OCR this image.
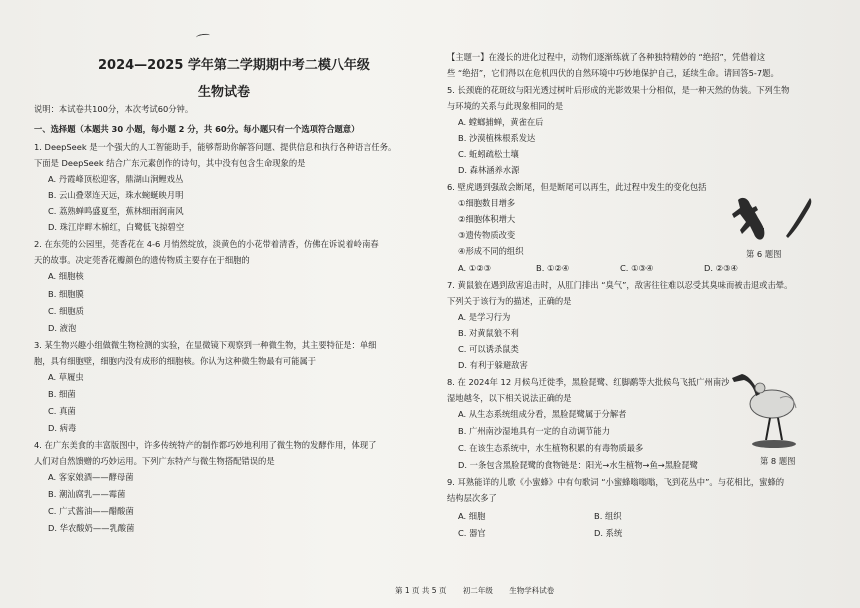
2024—2025 学年第二学期期中考二模八年级
生物试卷
说明：本试卷共100分，本次考试60分钟。
一、选择题（本题共 30 小题，每小题 2 分，共 60分。每小题只有一个选项符合题意）
1. DeepSeek 是一个强大的人工智能助手，能够帮助你解答问题、提供信息和执行各种语言任务。
下面是 DeepSeek 结合广东元素创作的诗句，其中没有包含生命现象的是
A. 丹霞峰顶松迎客，鼎湖山涧鲤戏丛
B. 云山叠翠连天远，珠水蜿蜒映月明
C. 荔熟蝉鸣盛夏至，蕉林细雨润南风
D. 珠江岸畔木棉红，白鹭低飞掠碧空
2. 在东莞的公园里，莞香花在 4-6 月悄然绽放，淡黄色的小花带着清香，仿佛在诉说着岭南春
天的故事。决定莞香花瓣颜色的遗传物质主要存在于细胞的
A. 细胞核
B. 细胞膜
C. 细胞质
D. 液泡
3. 某生物兴趣小组做微生物检测的实验，在显微镜下观察到一种微生物，其主要特征是：单细
胞，具有细胞壁，细胞内没有成形的细胞核。你认为这种微生物最有可能属于
A. 草履虫
B. 细菌
C. 真菌
D. 病毒
4. 在广东美食的丰富版图中，许多传统特产的制作都巧妙地利用了微生物的发酵作用，体现了
人们对自然馈赠的巧妙运用。下列广东特产与微生物搭配错误的是
A. 客家娘酒——酵母菌
B. 潮汕腐乳——霉菌
C. 广式酱油——醋酸菌
D. 华农酸奶——乳酸菌
【主题一】在漫长的进化过程中，动物们逐渐练就了各种独特精妙的 “绝招”，凭借着这
些 “绝招”，它们得以在危机四伏的自然环境中巧妙地保护自己，延续生命。请回答5-7题。
5. 长颈鹿的花斑纹与阳光透过树叶后形成的光影效果十分相似，是一种天然的伪装。下列生物
与环境的关系与此现象相同的是
A. 螳螂捕蝉，黄雀在后
B. 沙漠植株根系发达
C. 蚯蚓疏松土壤
D. 森林涵养水源
6. 壁虎遇到强敌会断尾，但是断尾可以再生，此过程中发生的变化包括
①细胞数目增多
②细胞体积增大
③遗传物质改变
④形成不同的组织
A. ①②③	B. ①②④	C. ①③④	D. ②③④
第 6 题图
7. 黄鼠狼在遇到敌害追击时，从肛门排出 “臭气”，敌害往往难以忍受其臭味而被击退或击晕。
下列关于该行为的描述，正确的是
A. 是学习行为
B. 对黄鼠狼不利
C. 可以诱杀鼠类
D. 有利于躲避敌害
8. 在 2024年 12 月候鸟迁徙季，黑脸琵鹭、红脚鹬等大批候鸟飞抵广州南沙
湿地越冬，以下相关说法正确的是
A. 从生态系统组成分看，黑脸琵鹭属于分解者
B. 广州南沙湿地具有一定的自动调节能力
C. 在该生态系统中，水生植物积累的有毒物质最多
D. 一条包含黑脸琵鹭的食物链是：阳光→水生植物→鱼→黑脸琵鹭	第 8 题图
9. 耳熟能详的儿歌《小蜜蜂》中有句歌词 “小蜜蜂嗡嗡嗡，飞到花丛中”。与花相比，蜜蜂的
结构层次多了
A. 细胞	B. 组织
C. 器官	D. 系统
第 1 页 共 5 页 初二年级 生物学科试卷
